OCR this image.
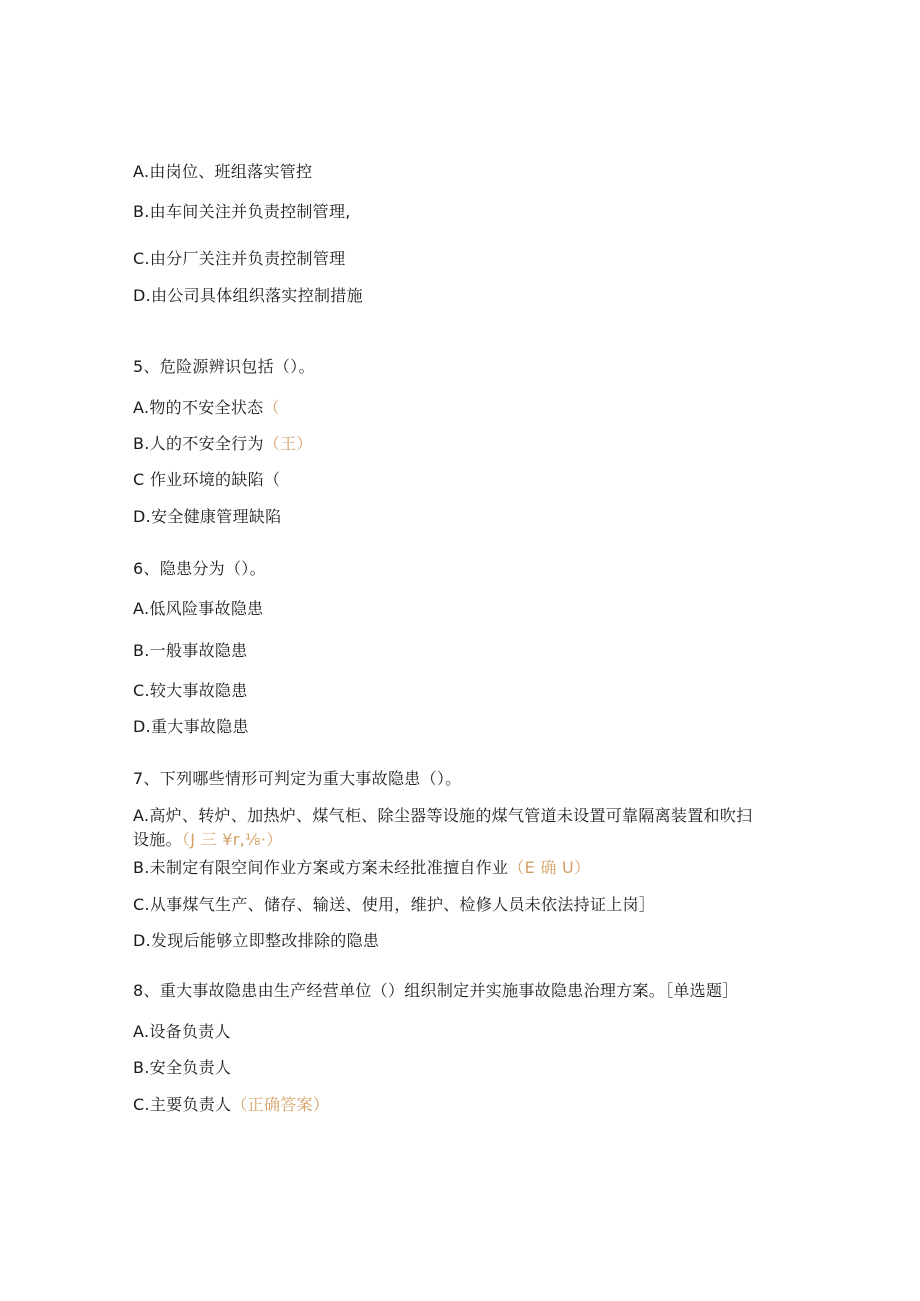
A.由岗位、班组落实管控
B.由车间关注并负责控制管理,
C.由分厂关注并负责控制管理
D.由公司具体组织落实控制措施
5、危险源辨识包括（）。
A.物的不安全状态（
B.人的不安全行为（王）
C 作业环境的缺陷（
D.安全健康管理缺陷
6、隐患分为（）。
A.低风险事故隐患
B.一般事故隐患
C.较大事故隐患
D.重大事故隐患
7、下列哪些情形可判定为重大事故隐患（）。
A.高炉、转炉、加热炉、煤气柜、除尘器等设施的煤气管道未设置可靠隔离装置和吹扫
设施。（J 三 ¥r,⅛·）
B.未制定有限空间作业方案或方案未经批准擅自作业（E 确 U）
C.从事煤气生产、储存、输送、使用，维护、检修人员未依法持证上岗］
D.发现后能够立即整改排除的隐患
8、重大事故隐患由生产经营单位（）组织制定并实施事故隐患治理方案。［单选题］
A.设备负责人
B.安全负责人
C.主要负责人（正确答案）
